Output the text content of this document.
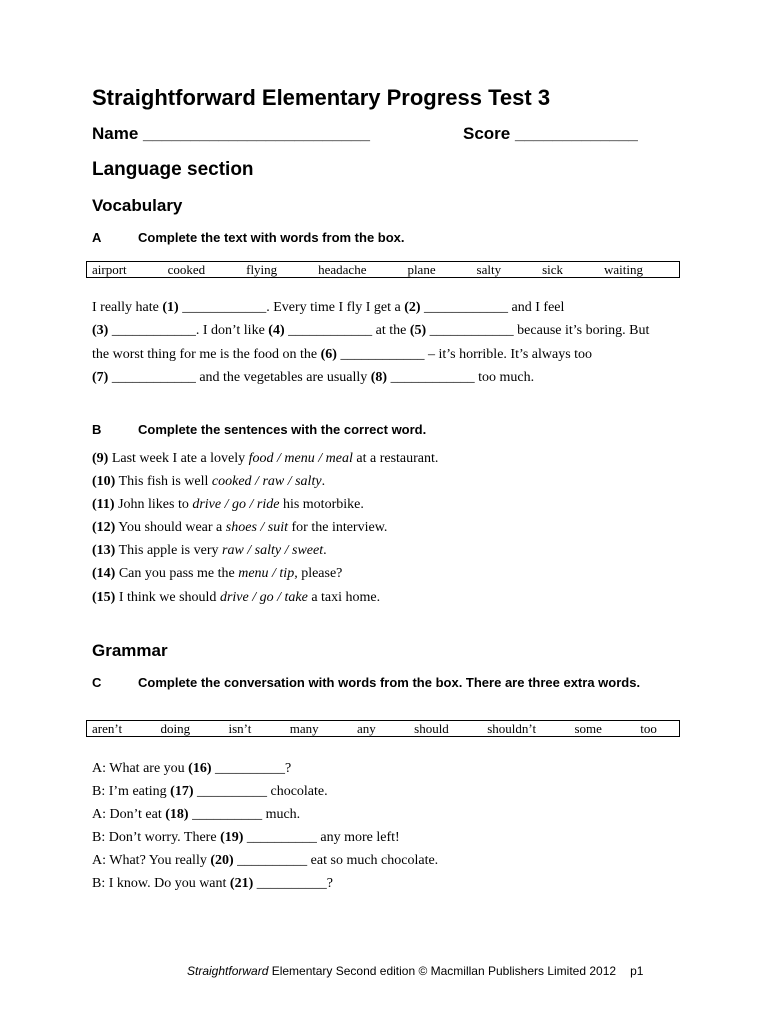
Straightforward Elementary Progress Test 3
Name ________________________	Score _____________
Language section
Vocabulary
A	Complete the text with words from the box.
airport	cooked	flying	headache	plane	salty	sick	waiting
I really hate (1) ____________. Every time I fly I get a (2) ____________ and I feel
(3) ____________. I don’t like (4) ____________ at the (5) ____________ because it’s boring. But
the worst thing for me is the food on the (6) ____________ – it’s horrible. It’s always too
(7) ____________ and the vegetables are usually (8) ____________ too much.
B	Complete the sentences with the correct word.
(9) Last week I ate a lovely food / menu / meal at a restaurant.
(10) This fish is well cooked / raw / salty.
(11) John likes to drive / go / ride his motorbike.
(12) You should wear a shoes / suit for the interview.
(13) This apple is very raw / salty / sweet.
(14) Can you pass me the menu / tip, please?
(15) I think we should drive / go / take a taxi home.
Grammar
C	Complete the conversation with words from the box. There are three extra words.
aren’t	doing	isn’t	many	any	should	shouldn’t	some	too
A: What are you (16) __________?
B: I’m eating (17) __________ chocolate.
A: Don’t eat (18) __________ much.
B: Don’t worry. There (19) __________ any more left!
A: What? You really (20) __________ eat so much chocolate.
B: I know. Do you want (21) __________?
Straightforward Elementary Second edition © Macmillan Publishers Limited 2012 p1
